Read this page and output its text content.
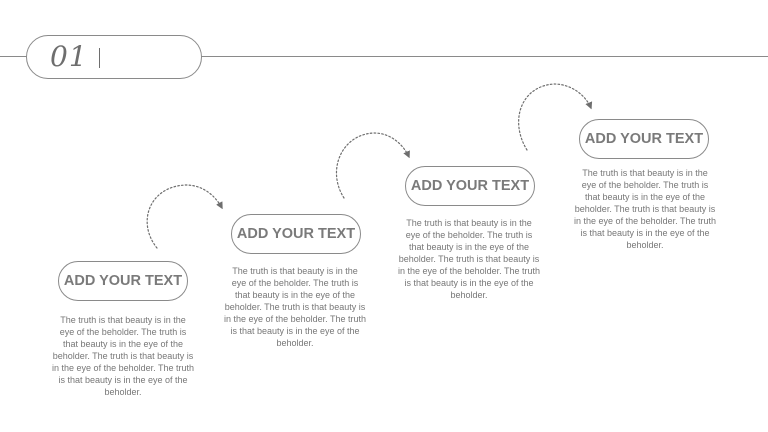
01
ADD YOUR TEXT

The truth is that beauty is in the eye of the beholder. The truth is that beauty is in the eye of the beholder. The truth is that beauty is in the eye of the beholder. The truth is that beauty is in the eye of the beholder.

ADD YOUR TEXT

The truth is that beauty is in the eye of the beholder. The truth is that beauty is in the eye of the beholder. The truth is that beauty is in the eye of the beholder. The truth is that beauty is in the eye of the beholder.

ADD YOUR TEXT

The truth is that beauty is in the eye of the beholder. The truth is that beauty is in the eye of the beholder. The truth is that beauty is in the eye of the beholder. The truth is that beauty is in the eye of the beholder.

ADD YOUR TEXT

The truth is that beauty is in the eye of the beholder. The truth is that beauty is in the eye of the beholder. The truth is that beauty is in the eye of the beholder. The truth is that beauty is in the eye of the beholder.
